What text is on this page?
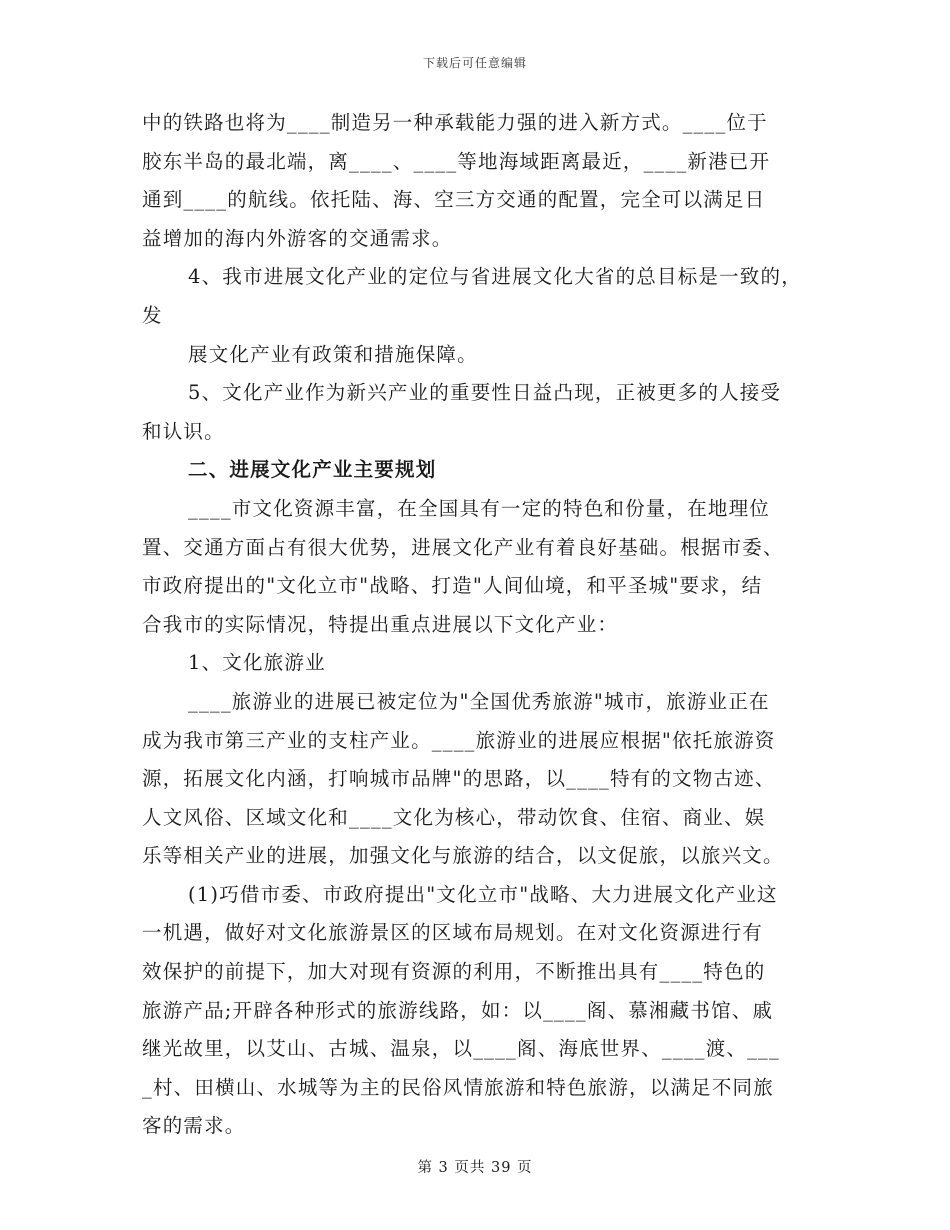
下载后可任意编辑
中的铁路也将为____制造另一种承载能力强的进入新方式。____位于
胶东半岛的最北端，离____、____等地海域距离最近，____新港已开
通到____的航线。依托陆、海、空三方交通的配置，完全可以满足日
益增加的海内外游客的交通需求。
4、我市进展文化产业的定位与省进展文化大省的总目标是一致的，
发
展文化产业有政策和措施保障。
5、文化产业作为新兴产业的重要性日益凸现，正被更多的人接受
和认识。
二、进展文化产业主要规划
____市文化资源丰富，在全国具有一定的特色和份量，在地理位
置、交通方面占有很大优势，进展文化产业有着良好基础。根据市委、
市政府提出的"文化立市"战略、打造"人间仙境，和平圣城"要求，结
合我市的实际情况，特提出重点进展以下文化产业：
1、文化旅游业
____旅游业的进展已被定位为"全国优秀旅游"城市，旅游业正在
成为我市第三产业的支柱产业。____旅游业的进展应根据"依托旅游资
源，拓展文化内涵，打响城市品牌"的思路，以____特有的文物古迹、
人文风俗、区域文化和____文化为核心，带动饮食、住宿、商业、娱
乐等相关产业的进展，加强文化与旅游的结合，以文促旅，以旅兴文。
(1)巧借市委、市政府提出"文化立市"战略、大力进展文化产业这
一机遇，做好对文化旅游景区的区域布局规划。在对文化资源进行有
效保护的前提下，加大对现有资源的利用，不断推出具有____特色的
旅游产品;开辟各种形式的旅游线路，如：以____阁、慕湘藏书馆、戚
继光故里，以艾山、古城、温泉，以____阁、海底世界、____渡、___
_村、田横山、水城等为主的民俗风情旅游和特色旅游，以满足不同旅
客的需求。
第 3 页共 39 页
